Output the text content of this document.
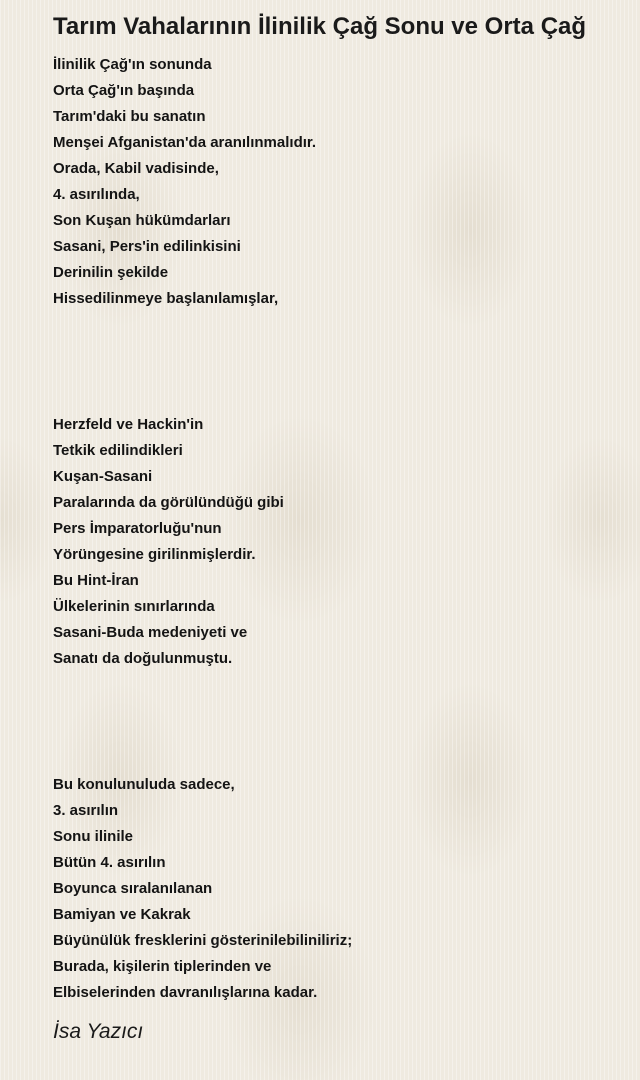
Tarım Vahalarının İlinilik Çağ Sonu ve Orta Çağ
İlinilik Çağ'ın sonunda
Orta Çağ'ın başında
Tarım'daki bu sanatın
Menşei Afganistan'da aranılınmalıdır.
Orada, Kabil vadisinde,
4. asırılında,
Son Kuşan hükümdarları
Sasani, Pers'in edilinkisini
Derinilin şekilde
Hissedilinmeye başlanılamışlar,
Herzfeld ve Hackin'in
Tetkik edilindikleri
Kuşan-Sasani
Paralarında da görülündüğü gibi
Pers İmparatorluğu'nun
Yörüngesine girilinmişlerdir.
Bu Hint-İran
Ülkelerinin sınırlarında
Sasani-Buda medeniyeti ve
Sanatı da doğulunmuştu.
Bu konulunuluda sadece,
3. asırılın
Sonu ilinile
Bütün 4. asırılın
Boyunca sıralanılanan
Bamiyan ve Kakrak
Büyünülük fresklerini gösterinilebiliniliriz;
Burada, kişilerin tiplerinden ve
Elbiselerinden davranılışlarına kadar.
İsa Yazıcı
